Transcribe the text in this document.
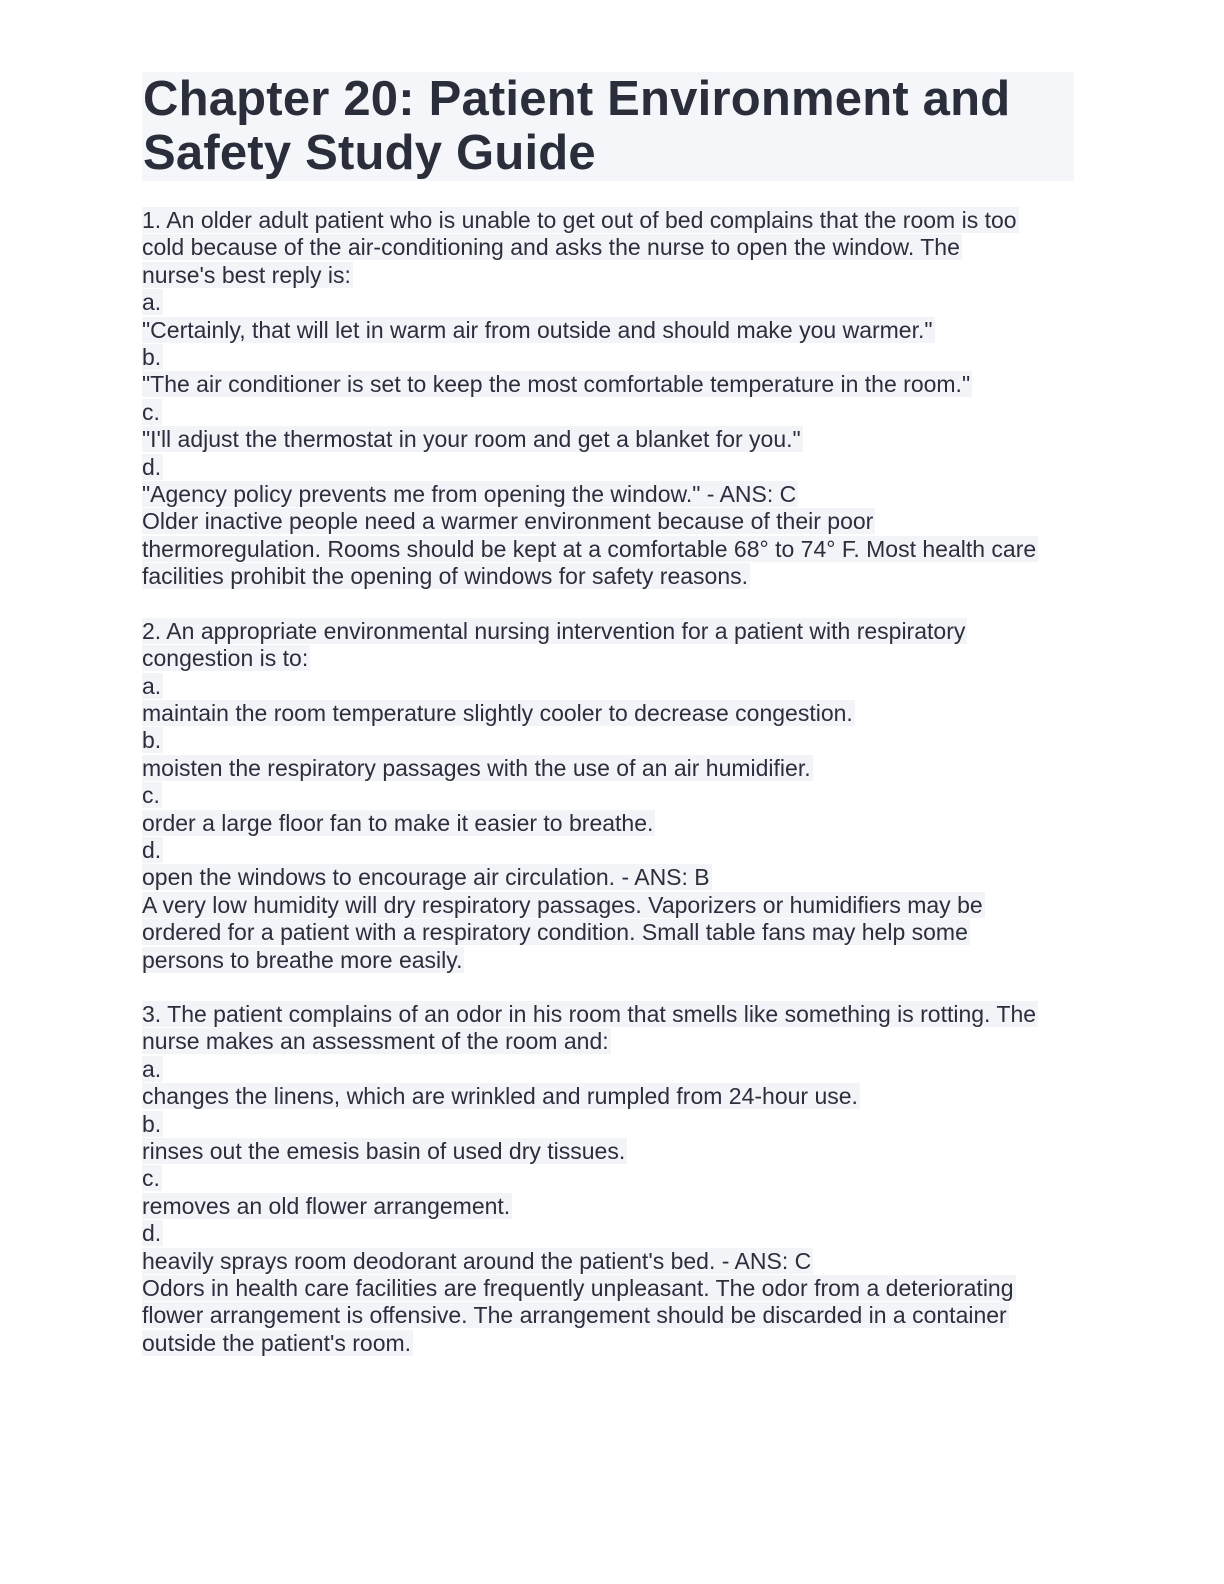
Chapter 20: Patient Environment and
Safety Study Guide
1. An older adult patient who is unable to get out of bed complains that the room is too
cold because of the air-conditioning and asks the nurse to open the window. The
nurse's best reply is:
a.
"Certainly, that will let in warm air from outside and should make you warmer."
b.
"The air conditioner is set to keep the most comfortable temperature in the room."
c.
"I'll adjust the thermostat in your room and get a blanket for you."
d.
"Agency policy prevents me from opening the window." - ANS: C
Older inactive people need a warmer environment because of their poor
thermoregulation. Rooms should be kept at a comfortable 68° to 74° F. Most health care
facilities prohibit the opening of windows for safety reasons.
2. An appropriate environmental nursing intervention for a patient with respiratory
congestion is to:
a.
maintain the room temperature slightly cooler to decrease congestion.
b.
moisten the respiratory passages with the use of an air humidifier.
c.
order a large floor fan to make it easier to breathe.
d.
open the windows to encourage air circulation. - ANS: B
A very low humidity will dry respiratory passages. Vaporizers or humidifiers may be
ordered for a patient with a respiratory condition. Small table fans may help some
persons to breathe more easily.
3. The patient complains of an odor in his room that smells like something is rotting. The
nurse makes an assessment of the room and:
a.
changes the linens, which are wrinkled and rumpled from 24-hour use.
b.
rinses out the emesis basin of used dry tissues.
c.
removes an old flower arrangement.
d.
heavily sprays room deodorant around the patient's bed. - ANS: C
Odors in health care facilities are frequently unpleasant. The odor from a deteriorating
flower arrangement is offensive. The arrangement should be discarded in a container
outside the patient's room.
